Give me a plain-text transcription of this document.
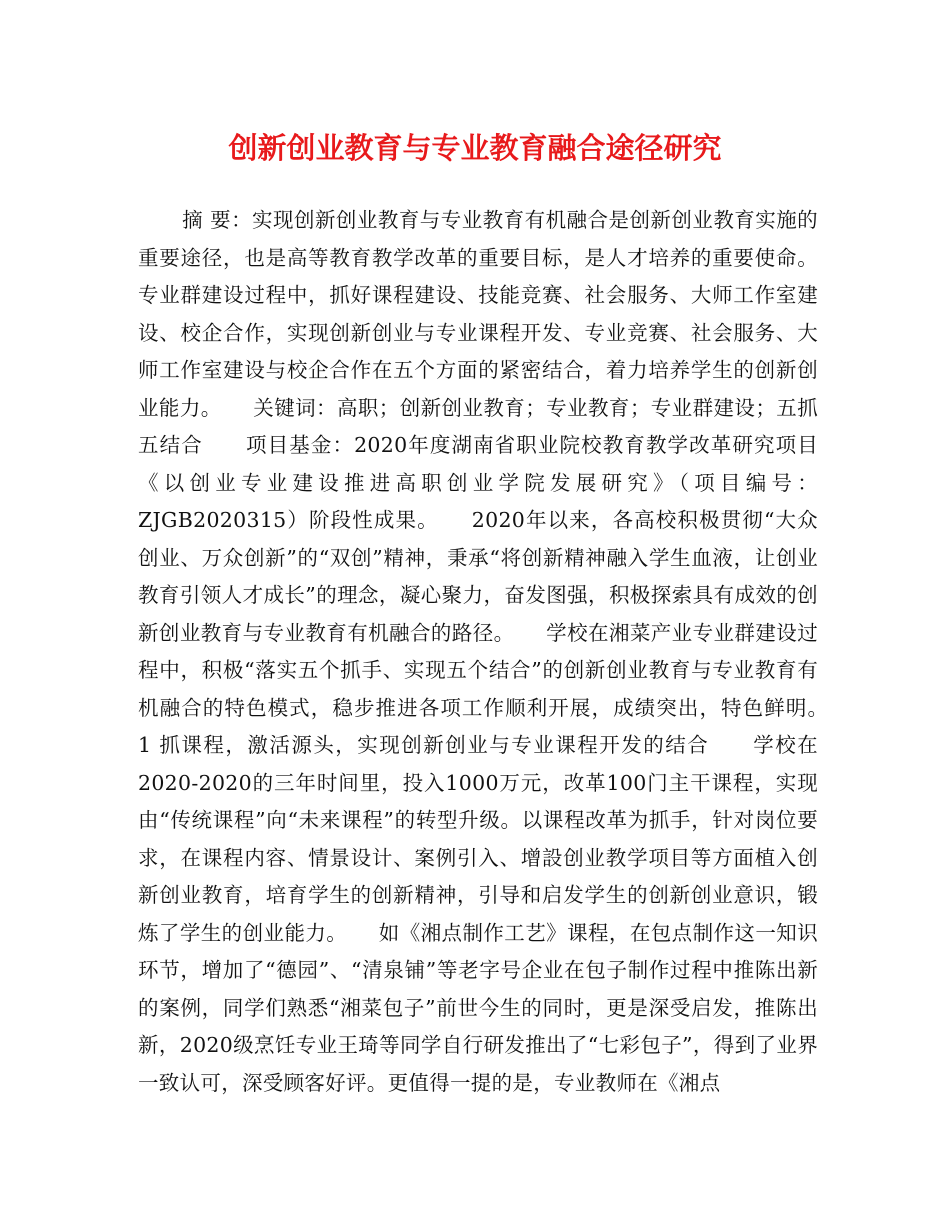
创新创业教育与专业教育融合途径研究

摘 要：实现创新创业教育与专业教育有机融合是创新创业教育实施的重要途径，也是高等教育教学改革的重要目标，是人才培养的重要使命。专业群建设过程中，抓好课程建设、技能竞赛、社会服务、大师工作室建设、校企合作，实现创新创业与专业课程开发、专业竞赛、社会服务、大师工作室建设与校企合作在五个方面的紧密结合，着力培养学生的创新创业能力。　　关键词：高职；创新创业教育；专业教育；专业群建设；五抓五结合　　项目基金：2020年度湖南省职业院校教育教学改革研究项目《以创业专业建设推进高职创业学院发展研究》（项目编号：ZJGB2020315）阶段性成果。　　2020年以来，各高校积极贯彻“大众创业、万众创新”的“双创”精神，秉承“将创新精神融入学生血液，让创业教育引领人才成长”的理念，凝心聚力，奋发图强，积极探索具有成效的创新创业教育与专业教育有机融合的路径。　　学校在湘菜产业专业群建设过程中，积极“落实五个抓手、实现五个结合”的创新创业教育与专业教育有机融合的特色模式，稳步推进各项工作顺利开展，成绩突出，特色鲜明。　　1 抓课程，激活源头，实现创新创业与专业课程开发的结合　　学校在2020-2020的三年时间里，投入1000万元，改革100门主干课程，实现由“传统课程”向“未来课程”的转型升级。以课程改革为抓手，针对岗位要求，在课程内容、情景设计、案例引入、增設创业教学项目等方面植入创新创业教育，培育学生的创新精神，引导和启发学生的创新创业意识，锻炼了学生的创业能力。　　如《湘点制作工艺》课程，在包点制作这一知识环节，增加了“德园”、“清泉铺”等老字号企业在包子制作过程中推陈出新的案例，同学们熟悉“湘菜包子”前世今生的同时，更是深受启发，推陈出新，2020级烹饪专业王琦等同学自行研发推出了“七彩包子”，得到了业界一致认可，深受顾客好评。更值得一提的是，专业教师在《湘点
